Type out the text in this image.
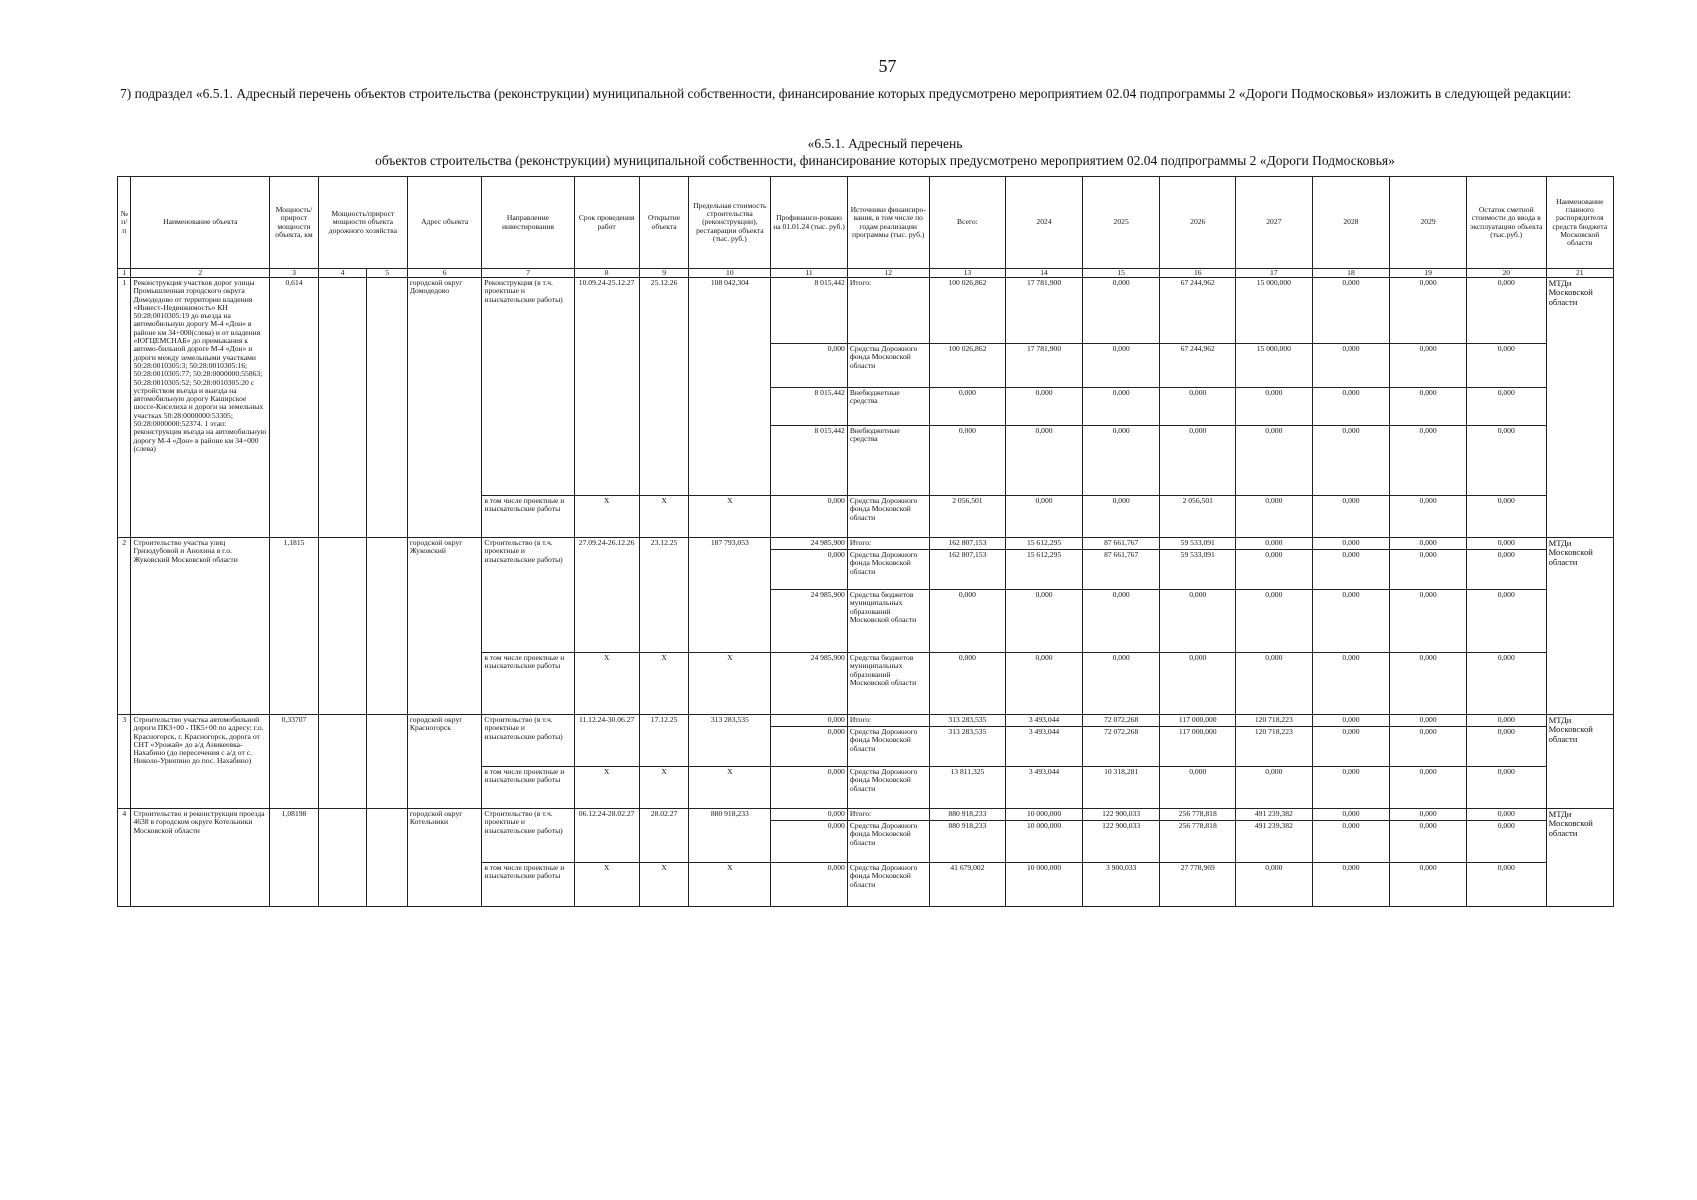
57
7) подраздел «6.5.1. Адресный перечень объектов строительства (реконструкции) муниципальной собственности, финансирование которых предусмотрено мероприятием 02.04 подпрограммы 2 «Дороги Подмосковья» изложить в следующей редакции:
«6.5.1. Адресный перечень
объектов строительства (реконструкции) муниципальной собственности, финансирование которых предусмотрено мероприятием 02.04 подпрограммы 2 «Дороги Подмосковья»
№ п/п	Наименование объекта	Мощность/ прирост мощности объекта, км	Мощность/прирост мощности объекта дорожного хозяйства		Адрес объекта	Направление инвестирования	Срок проведения работ	Открытие объекта	Предельная стоимость строительства (реконструкции), реставрации объекта (тыс. руб.)	Профинанси-ровано на 01.01.24 (тыс. руб.)	Источники финансиро-вания, в том числе по годам реализации программы (тыс. руб.)	Всего:	2024	2025	2026	2027	2028	2029	Остаток сметной стоимости до ввода в эксплуатацию объекта (тыс.руб.)	Наименование главного распорядителя средств бюджета Московской области
1	2	3	4	5	6	7	8	9	10	11	12	13	14	15	16	17	18	19	20	21
1	Реконструкция участков дорог улицы Промышленная городского округа Домодедово от территории владения «Инвест-Недвижимость» КН 50:28:0010305:19 до въезда на автомобильную дорогу М-4 «Дон» в районе км 34+000(слева) и от владения «ЮГЦЕМСНАБ» до примыкания к автомо-бильной дороге М-4 «Дон» и дороги между земельными участками 50:28:0010305:3; 50:28:0010305:16; 50:28:0010305:77; 50:28:0000000:55863; 50:28:0010305:52; 50:28:0010305:20 с устройством въезда и выезда на автомобильную дорогу Каширское шоссе-Киселиха и дороги на земельных участках 50:28:0000000:53305; 50:28:0000000:52374. 1 этап: реконструкция въезда на автомобильную дорогу М-4 «Дон» в районе км 34+000 (слева)	0,614			городской округ Домодедово	Реконструкция (в т.ч. проектные и изыскательские работы)	10.09.24-25.12.27	25.12.26	108 042,304	8 015,442	Итого:	100 026,862	17 781,900	0,000	67 244,962	15 000,000	0,000	0,000	0,000	МТДи Московской области
										0,000	Средства Дорожного фонда Московской области	100 026,862	17 781,900	0,000	67 244,962	15 000,000	0,000	0,000	0,000	
										8 015,442	Внебюджетные средства	0,000	0,000	0,000	0,000	0,000	0,000	0,000	0,000	
										8 015,442	Внебюджетные средства	0,000	0,000	0,000	0,000	0,000	0,000	0,000	0,000	
						в том числе проектные и изыскательские работы	X	X	X	0,000	Средства Дорожного фонда Московской области	2 056,501	0,000	0,000	2 056,501	0,000	0,000	0,000	0,000	
2	Строительство участка улиц Гризодубовой и Анохина в г.о. Жуковский Московской области	1,1815			городской округ Жуковский	Строительство (в т.ч. проектные и изыскательские работы)	27.09.24-26.12.26	23.12.25	187 793,053	24 985,900	Итого:	162 807,153	15 612,295	87 661,767	59 533,091	0,000	0,000	0,000	0,000	МТДи Московской области
										0,000	Средства Дорожного фонда Московской области	162 807,153	15 612,295	87 661,767	59 533,091	0,000	0,000	0,000	0,000	
										24 985,900	Средства бюджетов муниципальных образований Московской области	0,000	0,000	0,000	0,000	0,000	0,000	0,000	0,000	
						в том числе проектные и изыскательские работы	X	X	X	24 985,900	Средства бюджетов муниципальных образований Московской области	0,000	0,000	0,000	0,000	0,000	0,000	0,000	0,000	
3	Строительство участка автомобильной дороги ПК3+00 - ПК5+00 по адресу: г.о. Красногорск, г. Красногорск, дорога от СНТ «Урожай» до а/д Аникеевка-Нахабино (до пересечения с а/д от с. Николо-Урюпино до пос. Нахабино)	0,33707			городской округ Красногорск	Строительство (в т.ч. проектные и изыскательские работы)	11.12.24-30.06.27	17.12.25	313 283,535	0,000	Итого:	313 283,535	3 493,044	72 072,268	117 000,000	120 718,223	0,000	0,000	0,000	МТДи Московской области
										0,000	Средства Дорожного фонда Московской области	313 283,535	3 493,044	72 072,268	117 000,000	120 718,223	0,000	0,000	0,000	
						в том числе проектные и изыскательские работы	X	X	X	0,000	Средства Дорожного фонда Московской области	13 811,325	3 493,044	10 318,281	0,000	0,000	0,000	0,000	0,000	
4	Строительство и реконструкция проезда 4638 в городском округе Котельники Московской области	1,08198			городской округ Котельники	Строительство (в т.ч. проектные и изыскательские работы)	06.12.24-28.02.27	28.02.27	880 918,233	0,000	Итого:	880 918,233	10 000,000	122 900,033	256 778,818	491 239,382	0,000	0,000	0,000	МТДи Московской области
										0,000	Средства Дорожного фонда Московской области	880 918,233	10 000,000	122 900,033	256 778,818	491 239,382	0,000	0,000	0,000	
						в том числе проектные и изыскательские работы	X	X	X	0,000	Средства Дорожного фонда Московской области	41 679,002	10 000,000	3 900,033	27 778,969	0,000	0,000	0,000	0,000	
